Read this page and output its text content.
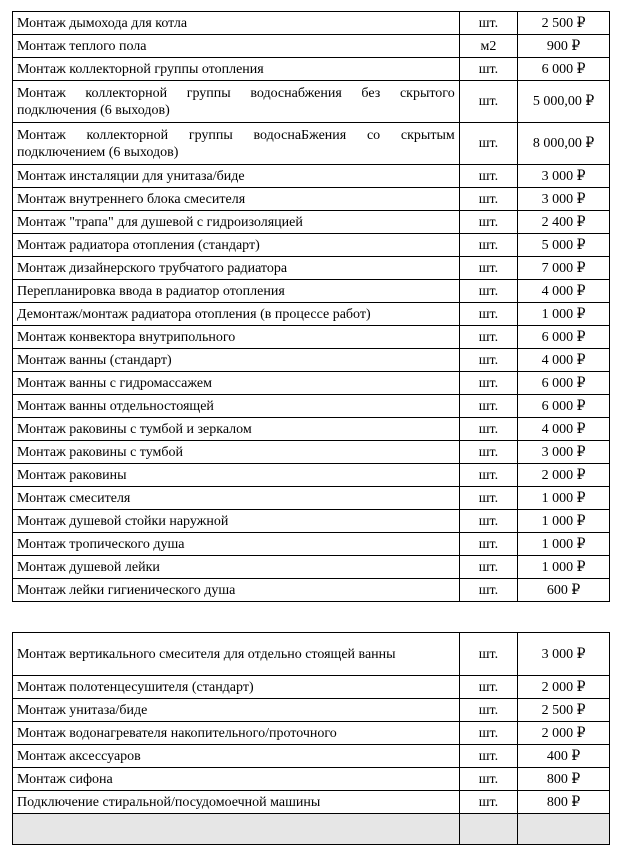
Монтаж дымохода для котла	шт.	2 500 ₽
Монтаж теплого пола	м2	900 ₽
Монтаж коллекторной группы отопления	шт.	6 000 ₽
Монтаж коллекторной группы водоснабжения без скрытого подключения (6 выходов)	шт.	5 000,00 ₽
Монтаж коллекторной группы водоснаБжения со скрытым подключением (6 выходов)	шт.	8 000,00 ₽
Монтаж инсталяции для унитаза/биде	шт.	3 000 ₽
Монтаж внутреннего блока смесителя	шт.	3 000 ₽
Монтаж "трапа" для душевой с гидроизоляцией	шт.	2 400 ₽
Монтаж радиатора отопления (стандарт)	шт.	5 000 ₽
Монтаж дизайнерского трубчатого радиатора	шт.	7 000 ₽
Перепланировка ввода в радиатор отопления	шт.	4 000 ₽
Демонтаж/монтаж радиатора отопления (в процессе работ)	шт.	1 000 ₽
Монтаж конвектора внутрипольного	шт.	6 000 ₽
Монтаж ванны (стандарт)	шт.	4 000 ₽
Монтаж ванны с гидромассажем	шт.	6 000 ₽
Монтаж ванны отдельностоящей	шт.	6 000 ₽
Монтаж раковины с тумбой и зеркалом	шт.	4 000 ₽
Монтаж раковины с тумбой	шт.	3 000 ₽
Монтаж раковины	шт.	2 000 ₽
Монтаж смесителя	шт.	1 000 ₽
Монтаж душевой стойки наружной	шт.	1 000 ₽
Монтаж тропического душа	шт.	1 000 ₽
Монтаж душевой лейки	шт.	1 000 ₽
Монтаж лейки гигиенического душа	шт.	600 ₽
Монтаж вертикального смесителя для отдельно стоящей ванны	шт.	3 000 ₽
Монтаж полотенцесушителя (стандарт)	шт.	2 000 ₽
Монтаж унитаза/биде	шт.	2 500 ₽
Монтаж водонагревателя накопительного/проточного	шт.	2 000 ₽
Монтаж аксессуаров	шт.	400 ₽
Монтаж сифона	шт.	800 ₽
Подключение стиральной/посудомоечной машины	шт.	800 ₽
